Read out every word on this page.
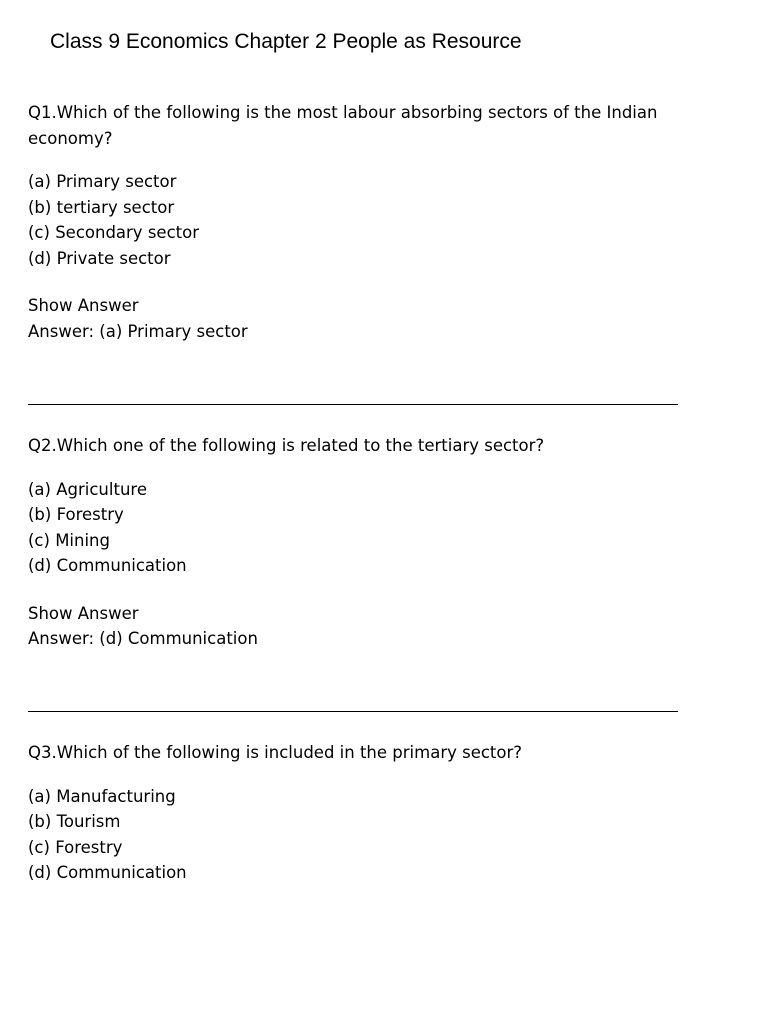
Class 9 Economics Chapter 2 People as Resource
Q1.Which of the following is the most labour absorbing sectors of the Indian economy?
(a) Primary sector
(b) tertiary sector
(c) Secondary sector
(d) Private sector
Show Answer
Answer: (a) Primary sector
Q2.Which one of the following is related to the tertiary sector?
(a) Agriculture
(b) Forestry
(c) Mining
(d) Communication
Show Answer
Answer: (d) Communication
Q3.Which of the following is included in the primary sector?
(a) Manufacturing
(b) Tourism
(c) Forestry
(d) Communication
